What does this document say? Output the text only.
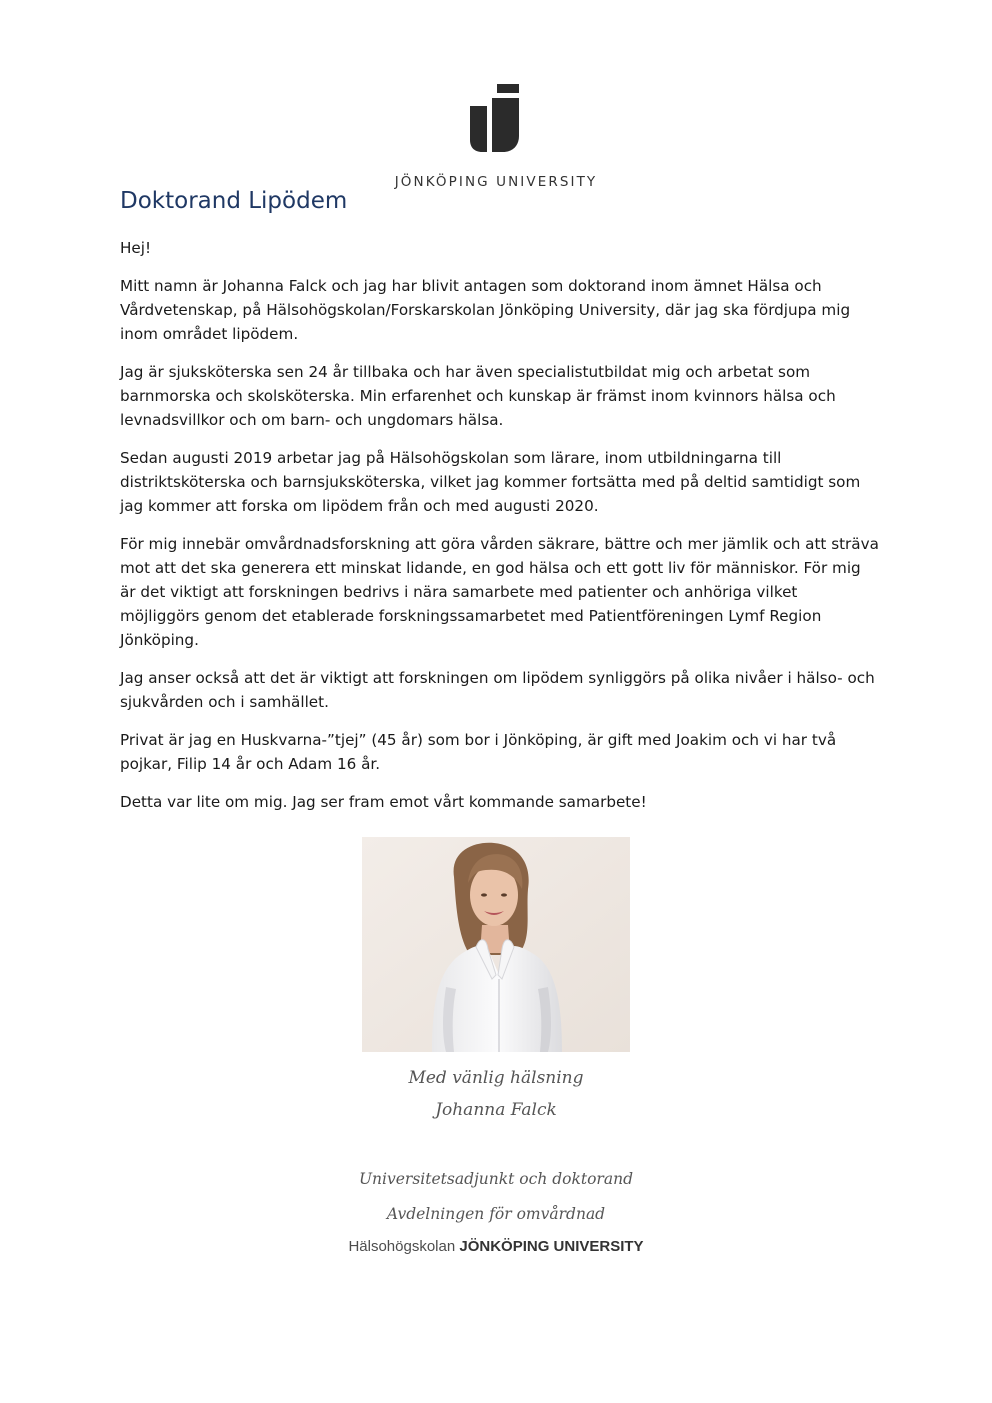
JÖNKÖPING UNIVERSITY
Doktorand Lipödem

Hej!

Mitt namn är Johanna Falck och jag har blivit antagen som doktorand inom ämnet Hälsa och Vårdvetenskap, på Hälsohögskolan/Forskarskolan Jönköping University, där jag ska fördjupa mig inom området lipödem.

Jag är sjuksköterska sen 24 år tillbaka och har även specialistutbildat mig och arbetat som barnmorska och skolsköterska. Min erfarenhet och kunskap är främst inom kvinnors hälsa och levnadsvillkor och om barn- och ungdomars hälsa.

Sedan augusti 2019 arbetar jag på Hälsohögskolan som lärare, inom utbildningarna till distriktsköterska och barnsjuksköterska, vilket jag kommer fortsätta med på deltid samtidigt som jag kommer att forska om lipödem från och med augusti 2020.

För mig innebär omvårdnadsforskning att göra vården säkrare, bättre och mer jämlik och att sträva mot att det ska generera ett minskat lidande, en god hälsa och ett gott liv för människor. För mig är det viktigt att forskningen bedrivs i nära samarbete med patienter och anhöriga vilket möjliggörs genom det etablerade forskningssamarbetet med Patientföreningen Lymf Region Jönköping.

Jag anser också att det är viktigt att forskningen om lipödem synliggörs på olika nivåer i hälso- och sjukvården och i samhället.

Privat är jag en Huskvarna-”tjej” (45 år) som bor i Jönköping, är gift med Joakim och vi har två pojkar, Filip 14 år och Adam 16 år.

Detta var lite om mig. Jag ser fram emot vårt kommande samarbete!

Med vänlig hälsning
Johanna Falck
Universitetsadjunkt och doktorand
Avdelningen för omvårdnad
Hälsohögskolan JÖNKÖPING UNIVERSITY
